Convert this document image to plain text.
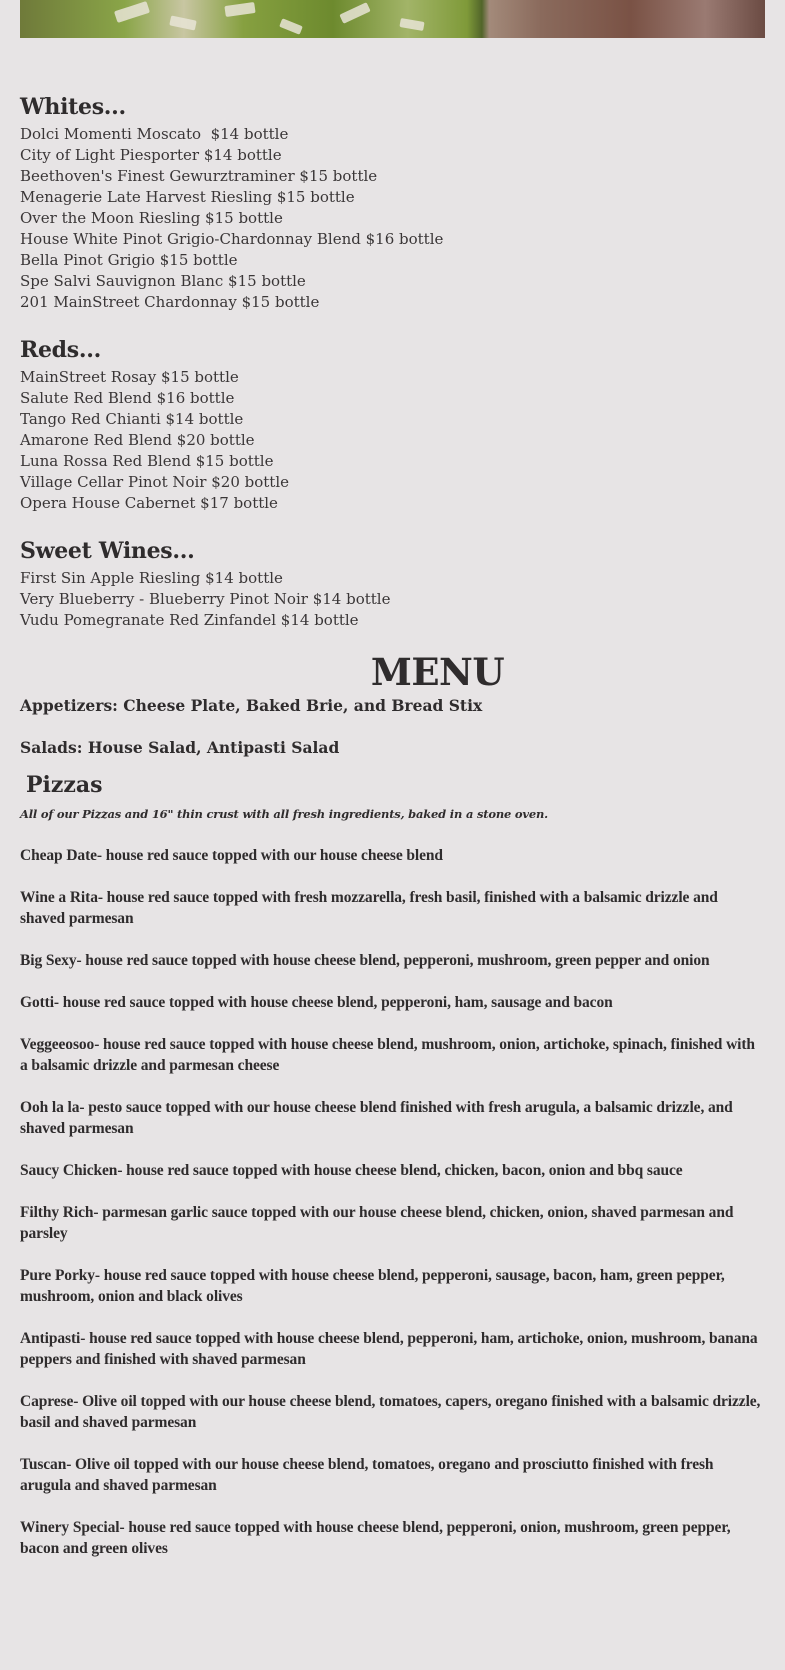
Whites...
Dolci Momenti Moscato  $14 bottle
City of Light Piesporter $14 bottle
Beethoven's Finest Gewurztraminer $15 bottle
Menagerie Late Harvest Riesling $15 bottle
Over the Moon Riesling $15 bottle
House White Pinot Grigio-Chardonnay Blend $16 bottle
Bella Pinot Grigio $15 bottle
Spe Salvi Sauvignon Blanc $15 bottle
201 MainStreet Chardonnay $15 bottle
Reds...
MainStreet Rosay $15 bottle
Salute Red Blend $16 bottle
Tango Red Chianti $14 bottle
Amarone Red Blend $20 bottle
Luna Rossa Red Blend $15 bottle
Village Cellar Pinot Noir $20 bottle
Opera House Cabernet $17 bottle
Sweet Wines...
First Sin Apple Riesling $14 bottle
Very Blueberry - Blueberry Pinot Noir $14 bottle
Vudu Pomegranate Red Zinfandel $14 bottle
MENU

Appetizers: Cheese Plate, Baked Brie, and Bread Stix

Salads: House Salad, Antipasti Salad

Pizzas

All of our Pizzas and 16" thin crust with all fresh ingredients, baked in a stone oven.

Cheap Date- house red sauce topped with our house cheese blend

Wine a Rita- house red sauce topped with fresh mozzarella, fresh basil, finished with a balsamic drizzle and shaved parmesan

Big Sexy- house red sauce topped with house cheese blend, pepperoni, mushroom, green pepper and onion

Gotti- house red sauce topped with house cheese blend, pepperoni, ham, sausage and bacon

Veggeeosoo- house red sauce topped with house cheese blend, mushroom, onion, artichoke, spinach, finished with a balsamic drizzle and parmesan cheese

Ooh la la- pesto sauce topped with our house cheese blend finished with fresh arugula, a balsamic drizzle, and shaved parmesan

Saucy Chicken- house red sauce topped with house cheese blend, chicken, bacon, onion and bbq sauce

Filthy Rich- parmesan garlic sauce topped with our house cheese blend, chicken, onion, shaved parmesan and parsley

Pure Porky- house red sauce topped with house cheese blend, pepperoni, sausage, bacon, ham, green pepper, mushroom, onion and black olives

Antipasti- house red sauce topped with house cheese blend, pepperoni, ham, artichoke, onion, mushroom, banana peppers and finished with shaved parmesan

Caprese- Olive oil topped with our house cheese blend, tomatoes, capers, oregano finished with a balsamic drizzle, basil and shaved parmesan

Tuscan- Olive oil topped with our house cheese blend, tomatoes, oregano and prosciutto finished with fresh arugula and shaved parmesan

Winery Special- house red sauce topped with house cheese blend, pepperoni, onion, mushroom, green pepper, bacon and green olives
